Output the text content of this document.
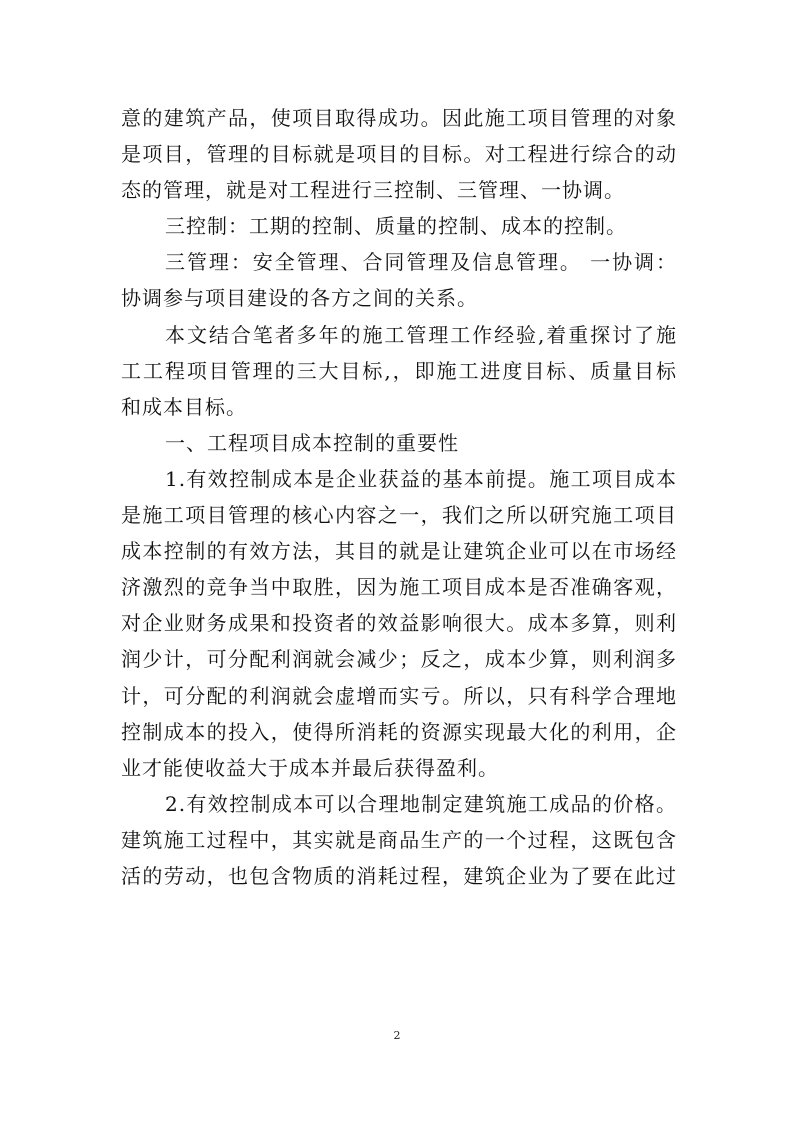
意的建筑产品，使项目取得成功。因此施工项目管理的对象
是项目，管理的目标就是项目的目标。对工程进行综合的动
态的管理，就是对工程进行三控制、三管理、一协调。
三控制：工期的控制、质量的控制、成本的控制。
三管理：安全管理、合同管理及信息管理。 一协调：
协调参与项目建设的各方之间的关系。
本文结合笔者多年的施工管理工作经验,着重探讨了施
工工程项目管理的三大目标,，即施工进度目标、质量目标
和成本目标。
一、工程项目成本控制的重要性
1.有效控制成本是企业获益的基本前提。施工项目成本
是施工项目管理的核心内容之一，我们之所以研究施工项目
成本控制的有效方法，其目的就是让建筑企业可以在市场经
济激烈的竞争当中取胜，因为施工项目成本是否准确客观，
对企业财务成果和投资者的效益影响很大。成本多算，则利
润少计，可分配利润就会减少；反之，成本少算，则利润多
计，可分配的利润就会虚增而实亏。所以，只有科学合理地
控制成本的投入，使得所消耗的资源实现最大化的利用，企
业才能使收益大于成本并最后获得盈利。
2.有效控制成本可以合理地制定建筑施工成品的价格。
建筑施工过程中，其实就是商品生产的一个过程，这既包含
活的劳动，也包含物质的消耗过程，建筑企业为了要在此过
2
